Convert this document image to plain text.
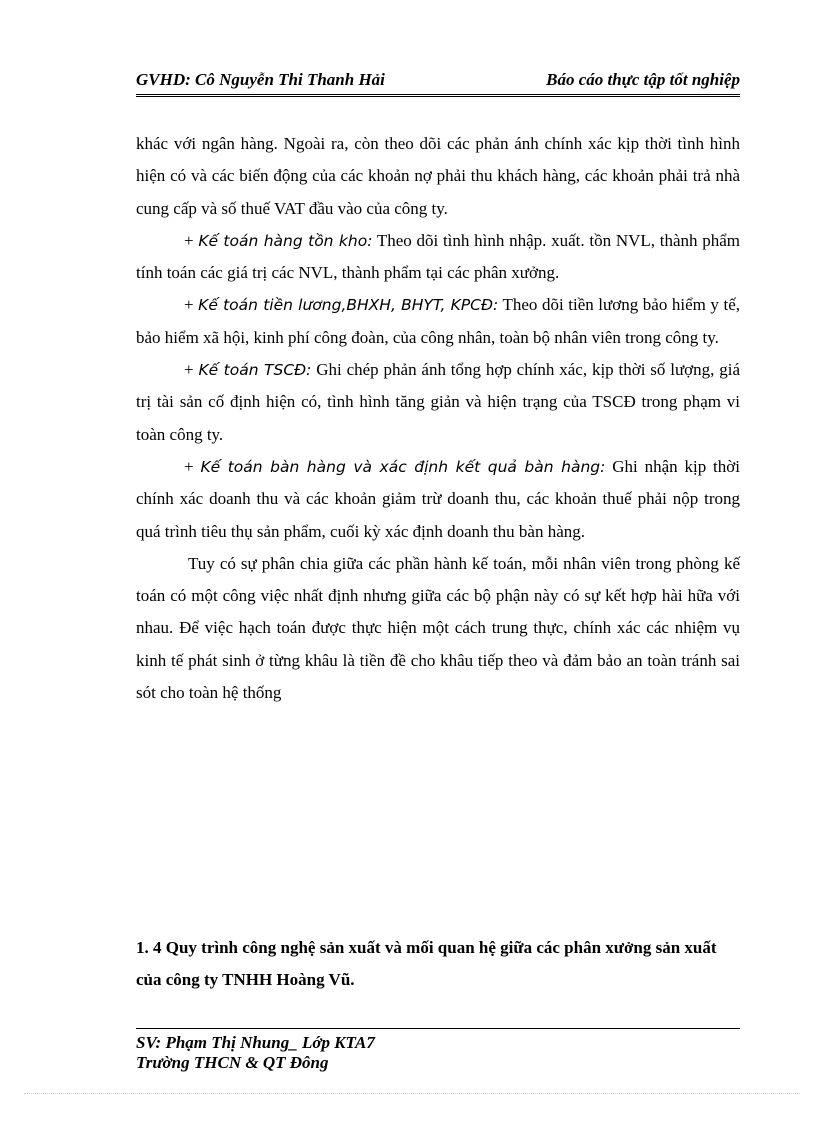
GVHD: Cô Nguyễn Thi Thanh Hải	Báo cáo thực tập tốt nghiệp

khác với ngân hàng. Ngoài ra, còn theo dõi các phản ánh chính xác kịp thời tình hình hiện có và các biến động của các khoản nợ phải thu khách hàng, các khoản phải trả nhà cung cấp và số thuế VAT đầu vào của công ty.

+ Kế toán hàng tồn kho: Theo dõi tình hình nhập. xuất. tồn NVL, thành phẩm tính toán các giá trị các NVL, thành phẩm tại các phân xưởng.

+ Kế toán tiền lương,BHXH, BHYT, KPCĐ: Theo dõi tiền lương bảo hiểm y tế, bảo hiểm xã hội, kinh phí công đoàn, của công nhân, toàn bộ nhân viên trong công ty.

+ Kế toán TSCĐ: Ghi chép phản ánh tổng hợp chính xác, kịp thời số lượng, giá trị tài sản cố định hiện có, tình hình tăng giản và hiện trạng của TSCĐ trong phạm vi toàn công ty.

+ Kế toán bàn hàng và xác định kết quả bàn hàng: Ghi nhận kịp thời chính xác doanh thu và các khoản giảm trừ doanh thu, các khoản thuế phải nộp trong quá trình tiêu thụ sản phẩm, cuối kỳ xác định doanh thu bàn hàng.

Tuy có sự phân chia giữa các phần hành kế toán, mỗi nhân viên trong phòng kế toán có một công việc nhất định nhưng giữa các bộ phận này có sự kết hợp hài hữa với nhau. Để việc hạch toán được thực hiện một cách trung thực, chính xác các nhiệm vụ kinh tế phát sinh ở từng khâu là tiền đề cho khâu tiếp theo và đảm bảo an toàn tránh sai sót cho toàn hệ thống

1. 4 Quy trình công nghệ sản xuất và mối quan hệ giữa các phân xưởng sản xuất của công ty TNHH Hoàng Vũ.
SV: Phạm Thị Nhung_ Lớp KTA7
Trường THCN & QT Đông
